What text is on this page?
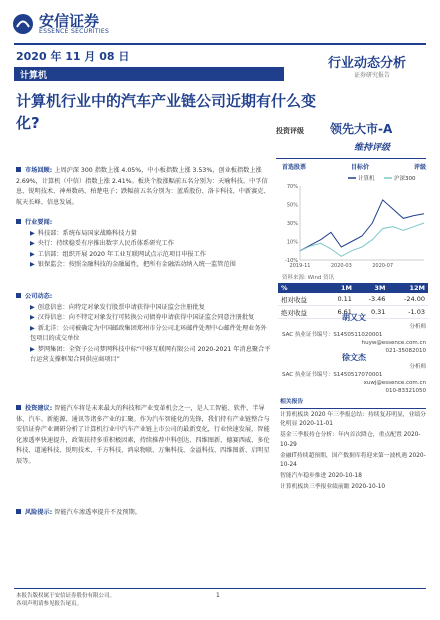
安信证券
ESSENCE SECURITIES
2020 年 11 月 08 日
计算机
行业动态分析
证券研究报告
计算机行业中的汽车产业链公司近期有什么变化?	投资评级 领先大市-A
维持评级
市场回顾: 上周沪深 300 指数上涨 4.05%，中小板指数上涨 3.53%，创业板指数上涨 2.69%，计算机（中信）指数上涨 2.41%。板块个股涨幅前五名分别为：天喻科技、中孚信息、锐明技术、神州数码、柏楚电子；跌幅前五名分别为：蓝盾股份、洛卡科技、中新赛克、航天长峰、信息发展。
行业要闻:
▶ 科技部：系统布局国家战略科技力量
▶ 央行：持续稳妥有序推出数字人民币体系研究工作
▶ 工信部：组织开展 2020 年工业互联网试点示范项目申报工作
▶ 银保监会：按照金融科技的金融属性，把所有金融活动纳入统一监管范围
公司动态:
▶ 创意信息：向特定对象发行股票申请获得中国证监会注册批复
▶ 汉得信息：向不特定对象发行可转换公司债券申请获得中国证监会同意注册批复
▶ 新北洋：公司被确定为中国邮政集团郑州市分公司北环邮件处理中心邮件处理业务外包项目的成交单位
▶ 梦网集团：全资子公司梦网科技中标“中移互联网有限公司 2020-2021 年消息聚合平台运营支撑框架合同供应商项目”
投资建议: 智能汽车将是未来最大的科技和产业变革机会之一，是人工智能、软件、半导体、汽车、新能源、通讯等诸多产业的汇聚。作为汽车智能化的先锋，我们持有产业链整合与安信证券产业调研分析了计算机行业中汽车产业链上市公司的最新变化，行业快速发展，智能化渗透率快速提升，政策扶持多重积极因素，持续推荐中科创达、四维图新、德赛西威、多伦科技、道通科技、锐明技术、千方科技、鸿泉物联、万集科技、金溢科技、四维图新、启明星辰等。
风险提示: 智能汽车渗透率提升不及预期。
首选股票	目标价	评级
-10%
10%
30%
50%
70%
2019-11	2020-03	2020-07
计算机	沪深300
资料来源: Wind 资讯
%	1M	3M	12M
相对收益	0.11	-3.46	-24.00
绝对收益	6.61	0.31	-1.03
胡又文
分析师
SAC 执业证书编号：S1450511020001
huyw@essence.com.cn
021-35082010
徐文杰
分析师
SAC 执业证书编号：S1450517070001
xuwj@essence.com.cn
010-83321050
相关报告

计算机板块 2020 年三季报总结：持续复苏明显，业绩分化明显 2020-11-01

基金三季报持仓分析：年内首次降仓，重点配置 2020-10-29

金融IT持续超预期，国产数据库将迎来第一波机遇 2020-10-24

智能汽车稳步推进 2020-10-18

计算机板块三季报业绩前瞻 2020-10-10

本报告版权属于安信证券股份有限公司。
各项声明请参见报告尾页。
1
